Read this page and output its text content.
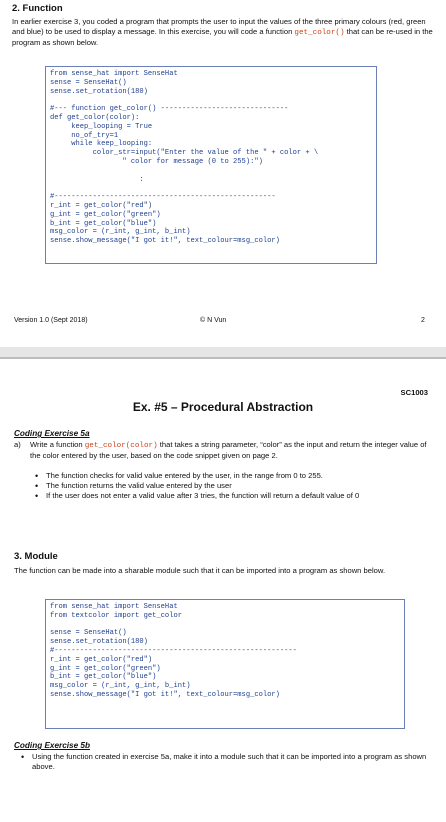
2. Function
In earlier exercise 3, you coded a program that prompts the user to input the values of the three primary colours (red, green and blue) to be used to display a message. In this exercise, you will code a function get_color() that can be re-used in the program as shown below.
from sense_hat import SenseHat
sense = SenseHat()
sense.set_rotation(180)
#--- function get_color() ------------------------------
def get_color(color):
keep_looping = True
no_of_try=1
while keep_looping:
color_str=input("Enter the value of the " + color + \
" color for message (0 to 255):")
:
#----------------------------------------------------
r_int = get_color("red")
g_int = get_color("green")
b_int = get_color("blue")
msg_color = (r_int, g_int, b_int)
sense.show_message("I got it!", text_colour=msg_color)
Version 1.0 (Sept 2018)	© N Vun	2
SC1003
Ex. #5 – Procedural Abstraction
Coding Exercise 5a
a) Write a function get_color(color) that takes a string parameter, “color” as the input and return the integer value of the color entered by the user, based on the code snippet given on page 2.
• The function checks for valid value entered by the user, in the range from 0 to 255.
• The function returns the valid value entered by the user
• If the user does not enter a valid value after 3 tries, the function will return a default value of 0
3. Module
The function can be made into a sharable module such that it can be imported into a program as shown below.
from sense_hat import SenseHat
from textcolor import get_color
sense = SenseHat()
sense.set_rotation(180)
#---------------------------------------------------------
r_int = get_color("red")
g_int = get_color("green")
b_int = get_color("blue")
msg_color = (r_int, g_int, b_int)
sense.show_message("I got it!", text_colour=msg_color)
Coding Exercise 5b
• Using the function created in exercise 5a, make it into a module such that it can be imported into a program as shown above.
